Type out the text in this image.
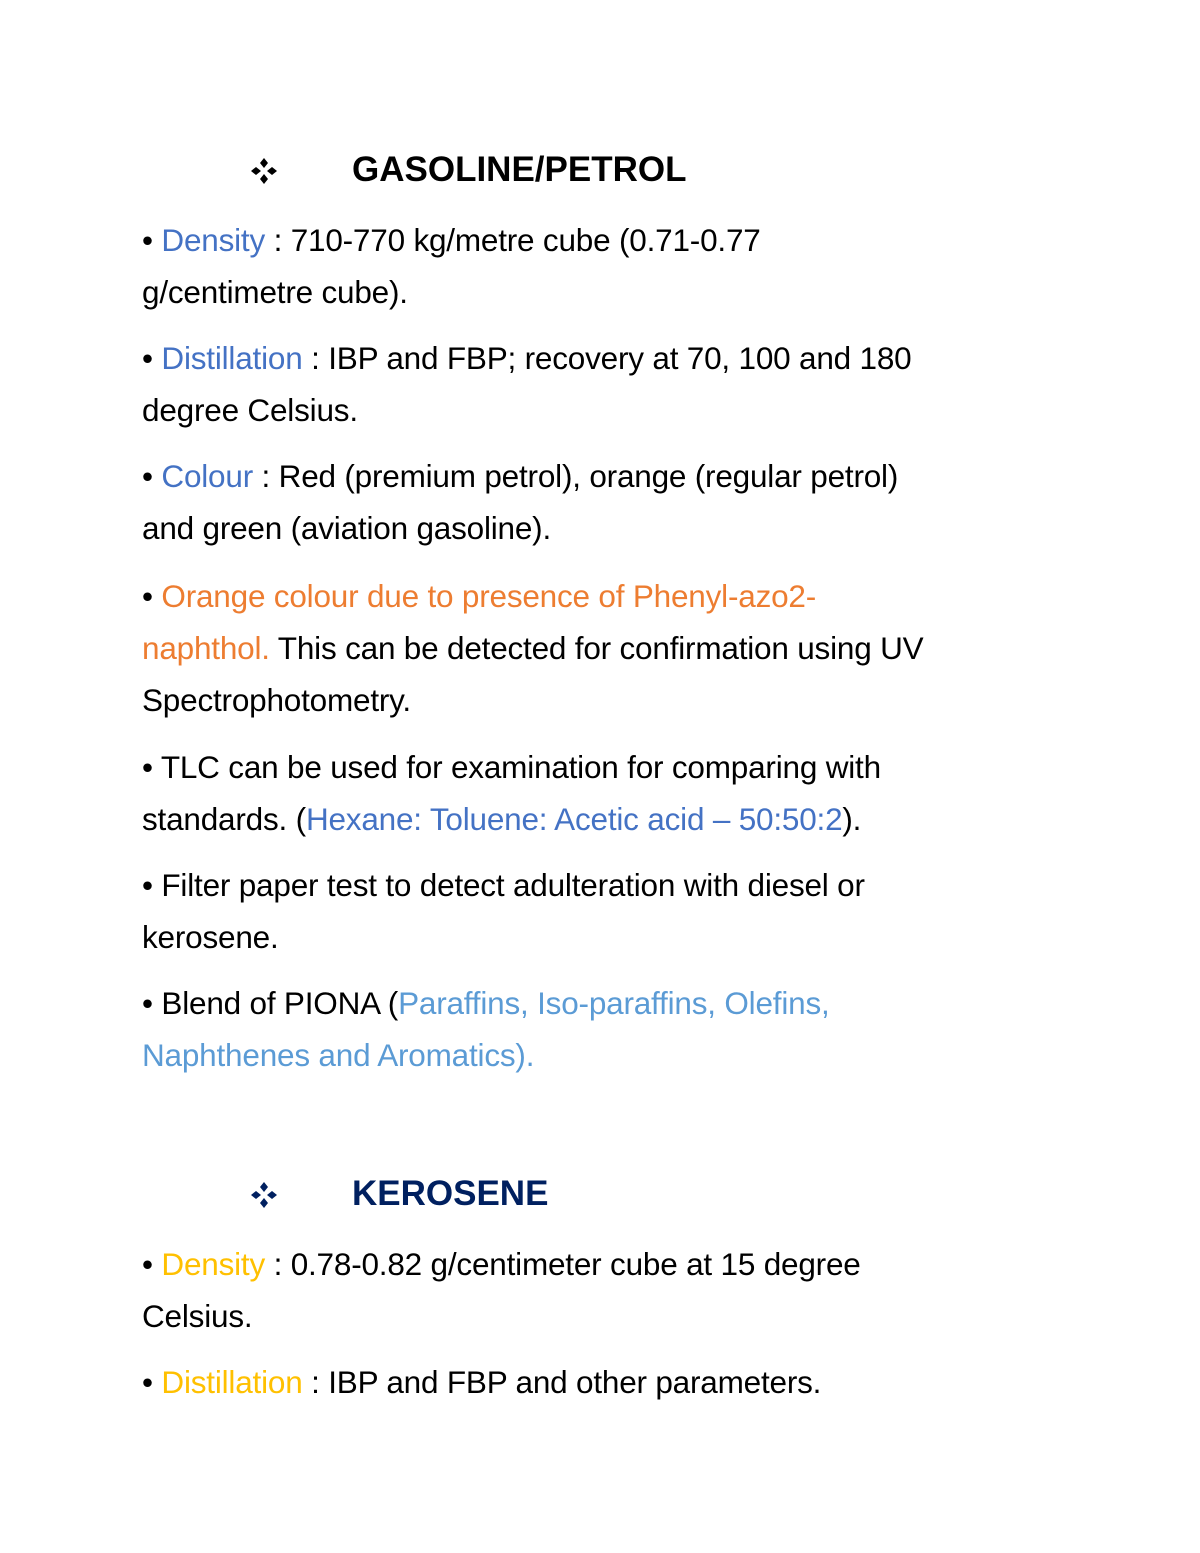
GASOLINE/PETROL
• Density : 710-770 kg/metre cube (0.71-0.77
g/centimetre cube).
• Distillation : IBP and FBP; recovery at 70, 100 and 180
degree Celsius.
• Colour : Red (premium petrol), orange (regular petrol)
and green (aviation gasoline).
• Orange colour due to presence of Phenyl-azo2-
naphthol. This can be detected for confirmation using UV
Spectrophotometry.
• TLC can be used for examination for comparing with
standards. (Hexane: Toluene: Acetic acid – 50:50:2).
• Filter paper test to detect adulteration with diesel or
kerosene.
• Blend of PIONA (Paraffins, Iso-paraffins, Olefins,
Naphthenes and Aromatics).
KEROSENE
• Density : 0.78-0.82 g/centimeter cube at 15 degree
Celsius.
• Distillation : IBP and FBP and other parameters.
